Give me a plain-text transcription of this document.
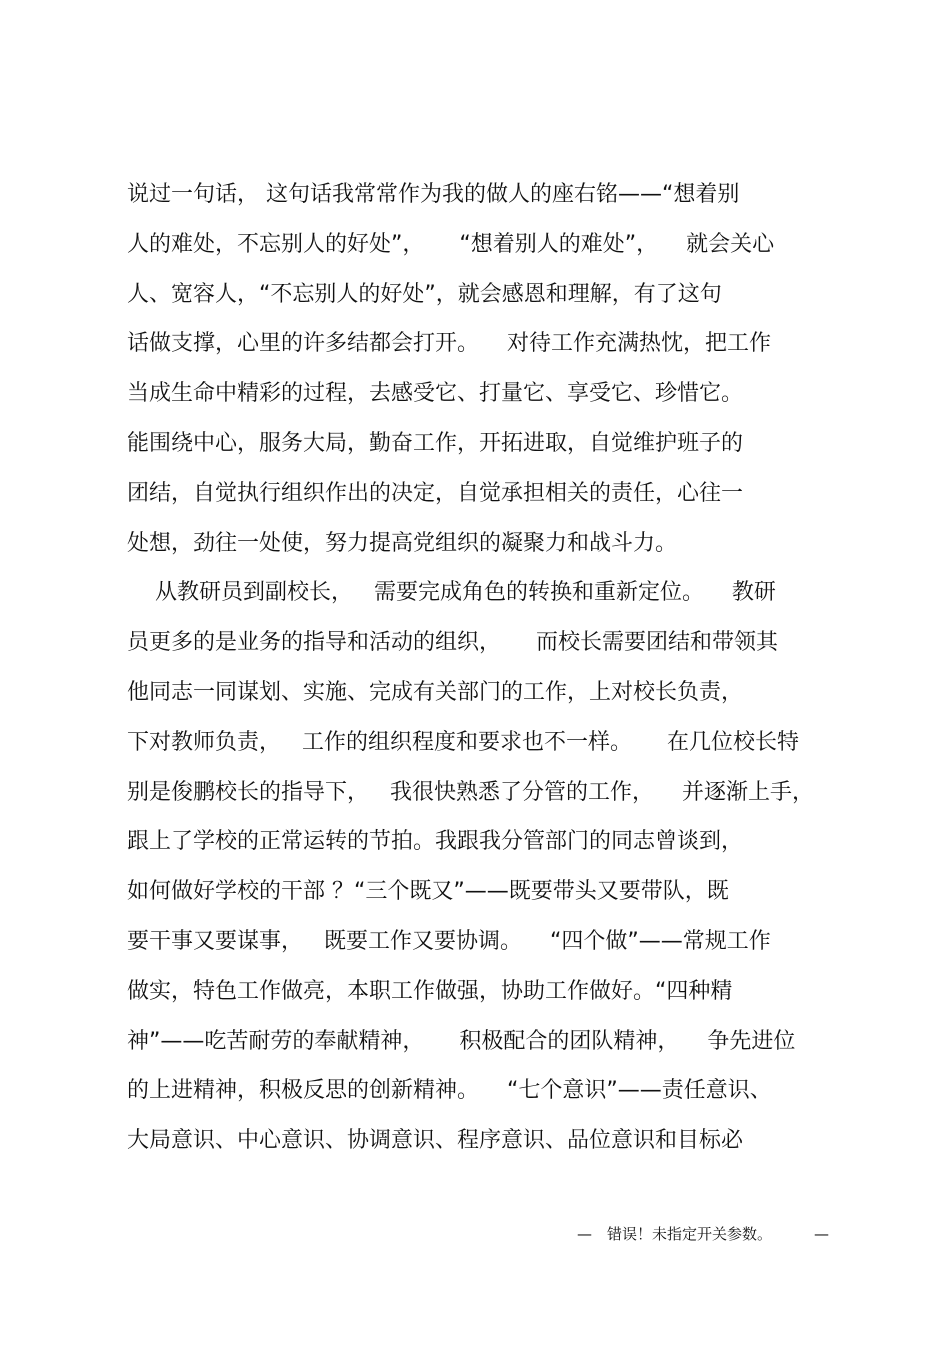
说过一句话， 这句话我常常作为我的做人的座右铭——“想着别
人的难处，不忘别人的好处”，     “想着别人的难处”，    就会关心
人、宽容人，“不忘别人的好处”，就会感恩和理解，有了这句
话做支撑，心里的许多结都会打开。    对待工作充满热忱，把工作
当成生命中精彩的过程，去感受它、打量它、享受它、珍惜它。
能围绕中心，服务大局，勤奋工作，开拓进取，自觉维护班子的
团结，自觉执行组织作出的决定，自觉承担相关的责任，心往一
处想，劲往一处使，努力提高党组织的凝聚力和战斗力。
从教研员到副校长，   需要完成角色的转换和重新定位。    教研
员更多的是业务的指导和活动的组织，     而校长需要团结和带领其
他同志一同谋划、实施、完成有关部门的工作，上对校长负责，
下对教师负责，   工作的组织程度和要求也不一样。     在几位校长特
别是俊鹏校长的指导下，   我很快熟悉了分管的工作，    并逐渐上手，
跟上了学校的正常运转的节拍。我跟我分管部门的同志曾谈到，
如何做好学校的干部 ？“三个既又”——既要带头又要带队，既
要干事又要谋事，   既要工作又要协调。    “四个做”——常规工作
做实，特色工作做亮，本职工作做强，协助工作做好。“四种精
神”——吃苦耐劳的奉献精神，     积极配合的团队精神，    争先进位
的上进精神，积极反思的创新精神。    “七个意识”——责任意识、
大局意识、中心意识、协调意识、程序意识、品位意识和目标必
— 错误！未指定开关参数。	—
